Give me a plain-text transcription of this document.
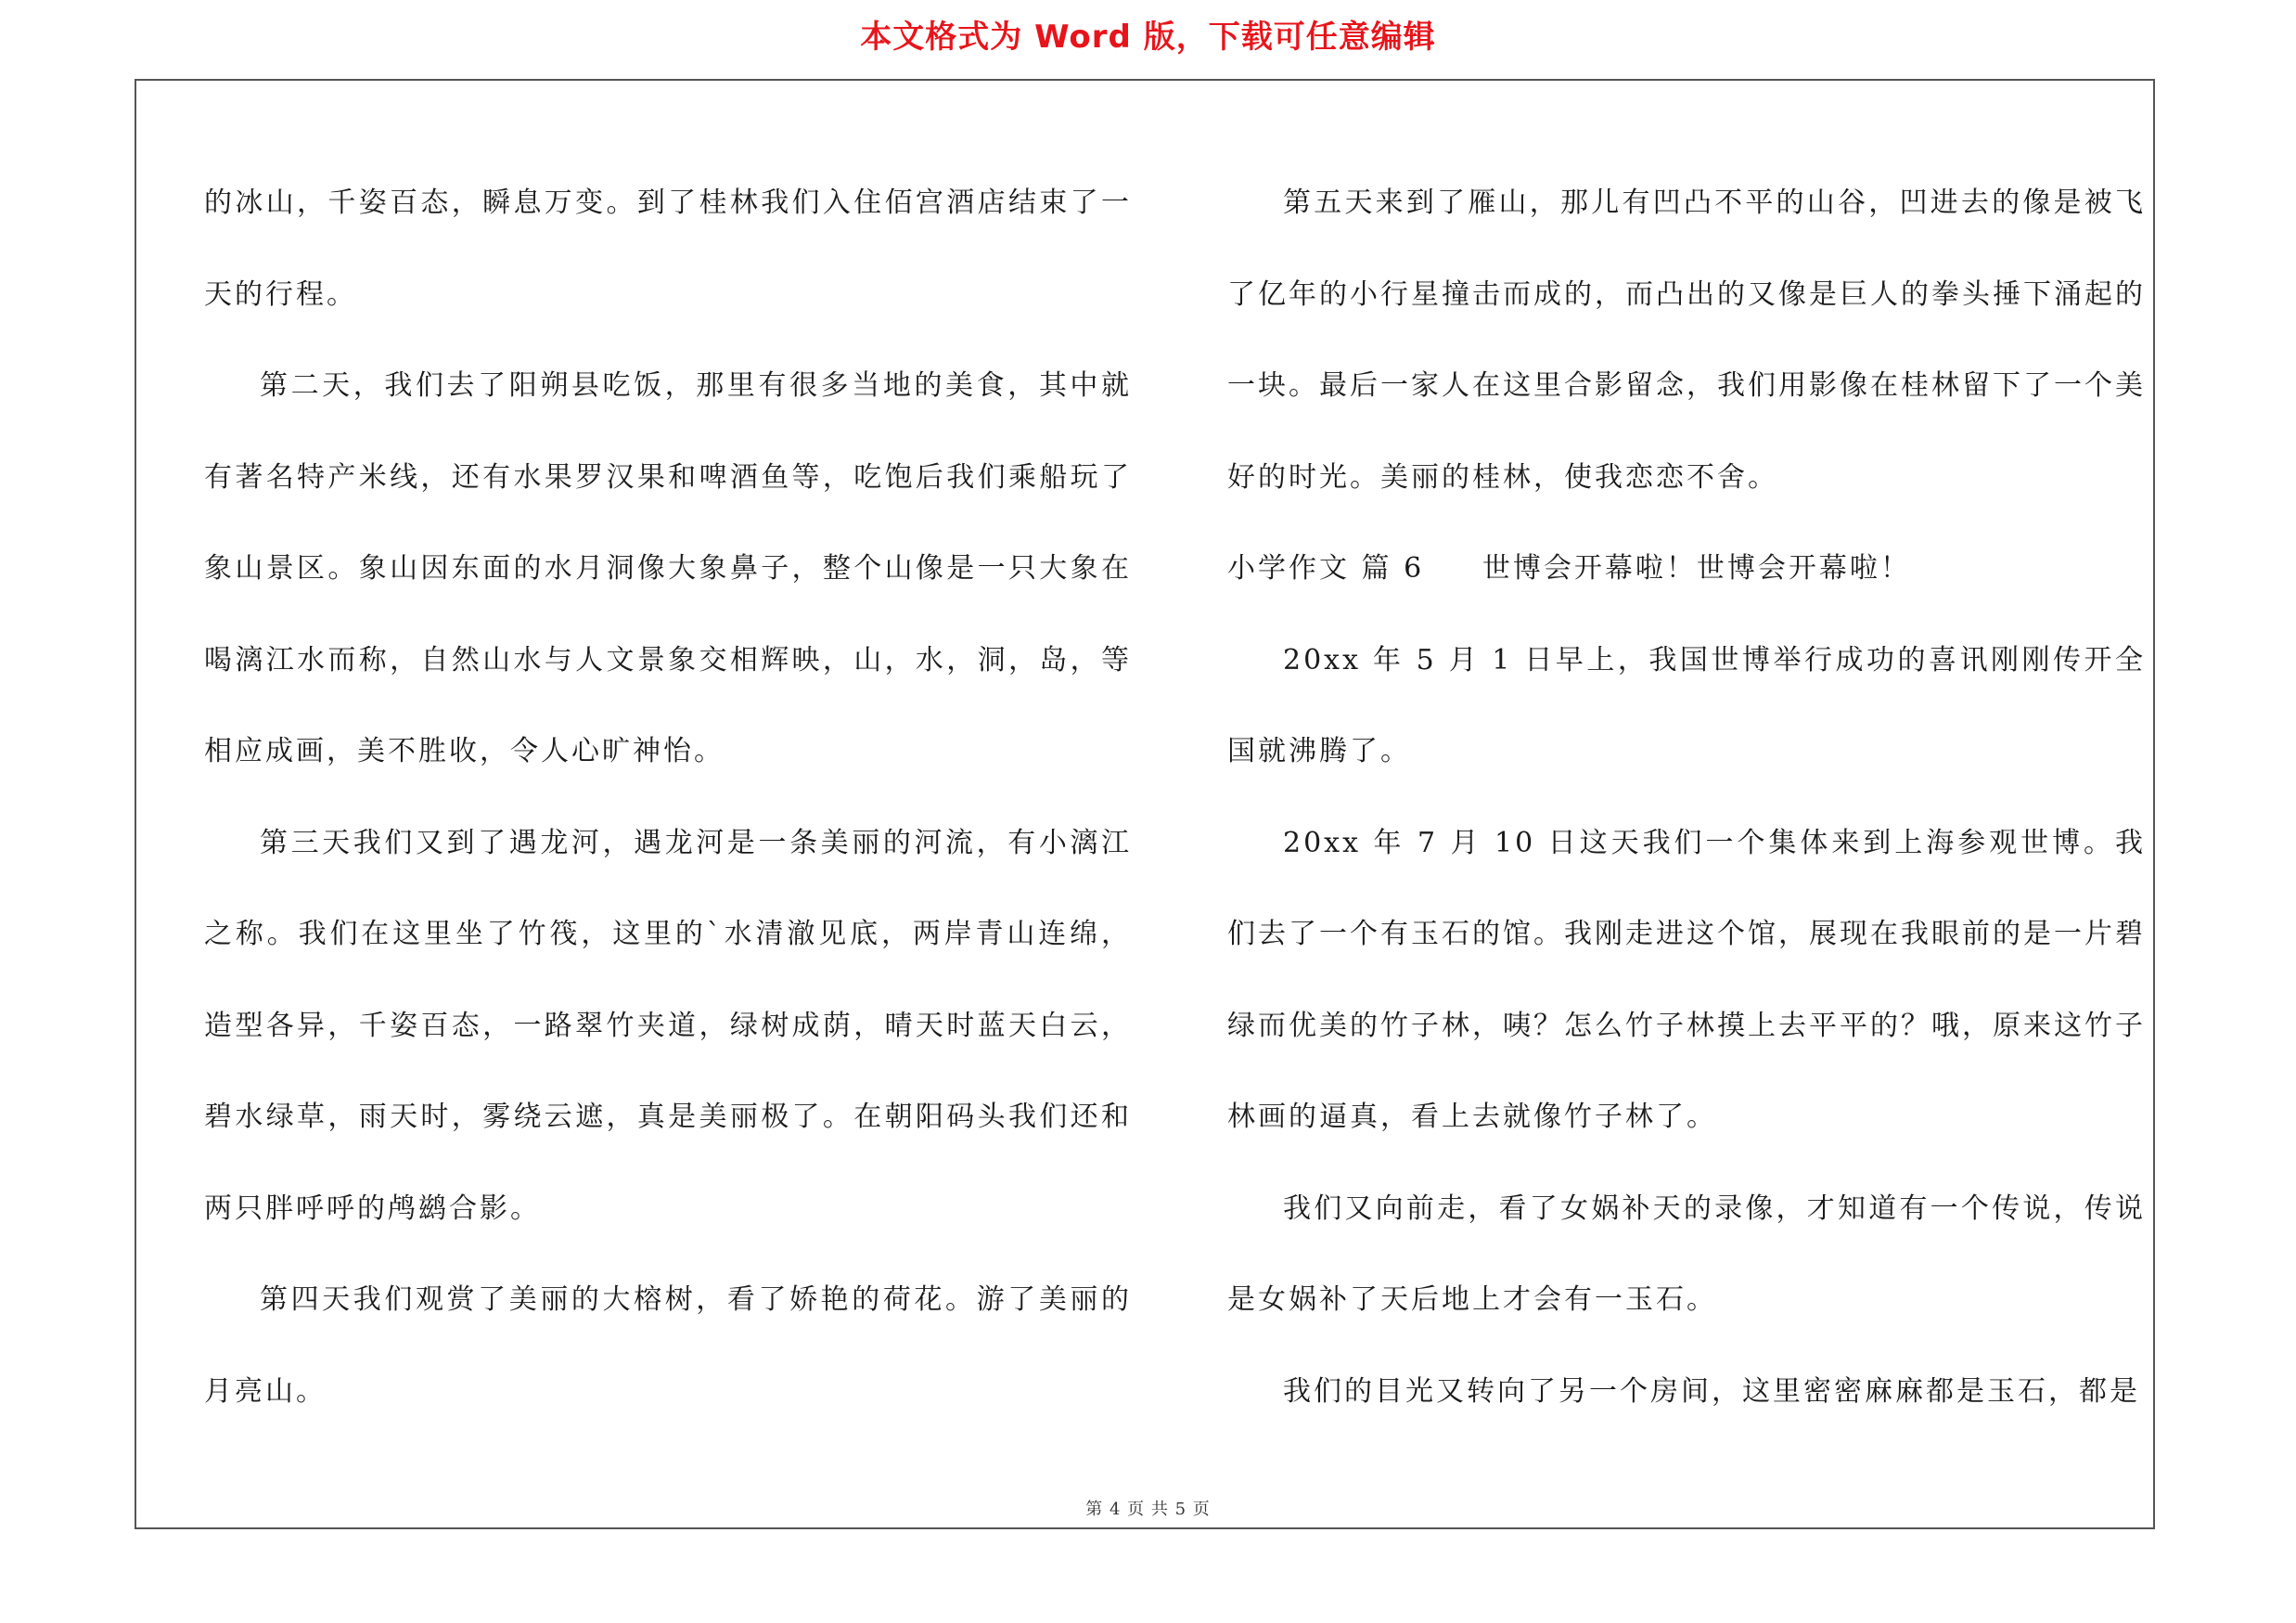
本文格式为 Word 版，下载可任意编辑

的冰山，千姿百态，瞬息万变。到了桂林我们入住佰宫酒店结束了一天的行程。

第二天，我们去了阳朔县吃饭，那里有很多当地的美食，其中就有著名特产米线，还有水果罗汉果和啤酒鱼等，吃饱后我们乘船玩了象山景区。象山因东面的水月洞像大象鼻子，整个山像是一只大象在喝漓江水而称，自然山水与人文景象交相辉映，山，水，洞，岛，等相应成画，美不胜收，令人心旷神怡。

第三天我们又到了遇龙河，遇龙河是一条美丽的河流，有小漓江之称。我们在这里坐了竹筏，这里的`水清澈见底，两岸青山连绵，造型各异，千姿百态，一路翠竹夹道，绿树成荫，晴天时蓝天白云，碧水绿草，雨天时，雾绕云遮，真是美丽极了。在朝阳码头我们还和两只胖呼呼的鸬鹚合影。

第四天我们观赏了美丽的大榕树，看了娇艳的荷花。游了美丽的月亮山。

第五天来到了雁山，那儿有凹凸不平的山谷，凹进去的像是被飞了亿年的小行星撞击而成的，而凸出的又像是巨人的拳头捶下涌起的一块。最后一家人在这里合影留念，我们用影像在桂林留下了一个美好的时光。美丽的桂林，使我恋恋不舍。

小学作文 篇 6     世博会开幕啦！世博会开幕啦！

20xx 年 5 月 1 日早上，我国世博举行成功的喜讯刚刚传开全国就沸腾了。

20xx 年 7 月 10 日这天我们一个集体来到上海参观世博。我们去了一个有玉石的馆。我刚走进这个馆，展现在我眼前的是一片碧绿而优美的竹子林，咦？怎么竹子林摸上去平平的？哦，原来这竹子林画的逼真，看上去就像竹子林了。

我们又向前走，看了女娲补天的录像，才知道有一个传说，传说是女娲补了天后地上才会有一玉石。

我们的目光又转向了另一个房间，这里密密麻麻都是玉石，都是

第 4 页 共 5 页
